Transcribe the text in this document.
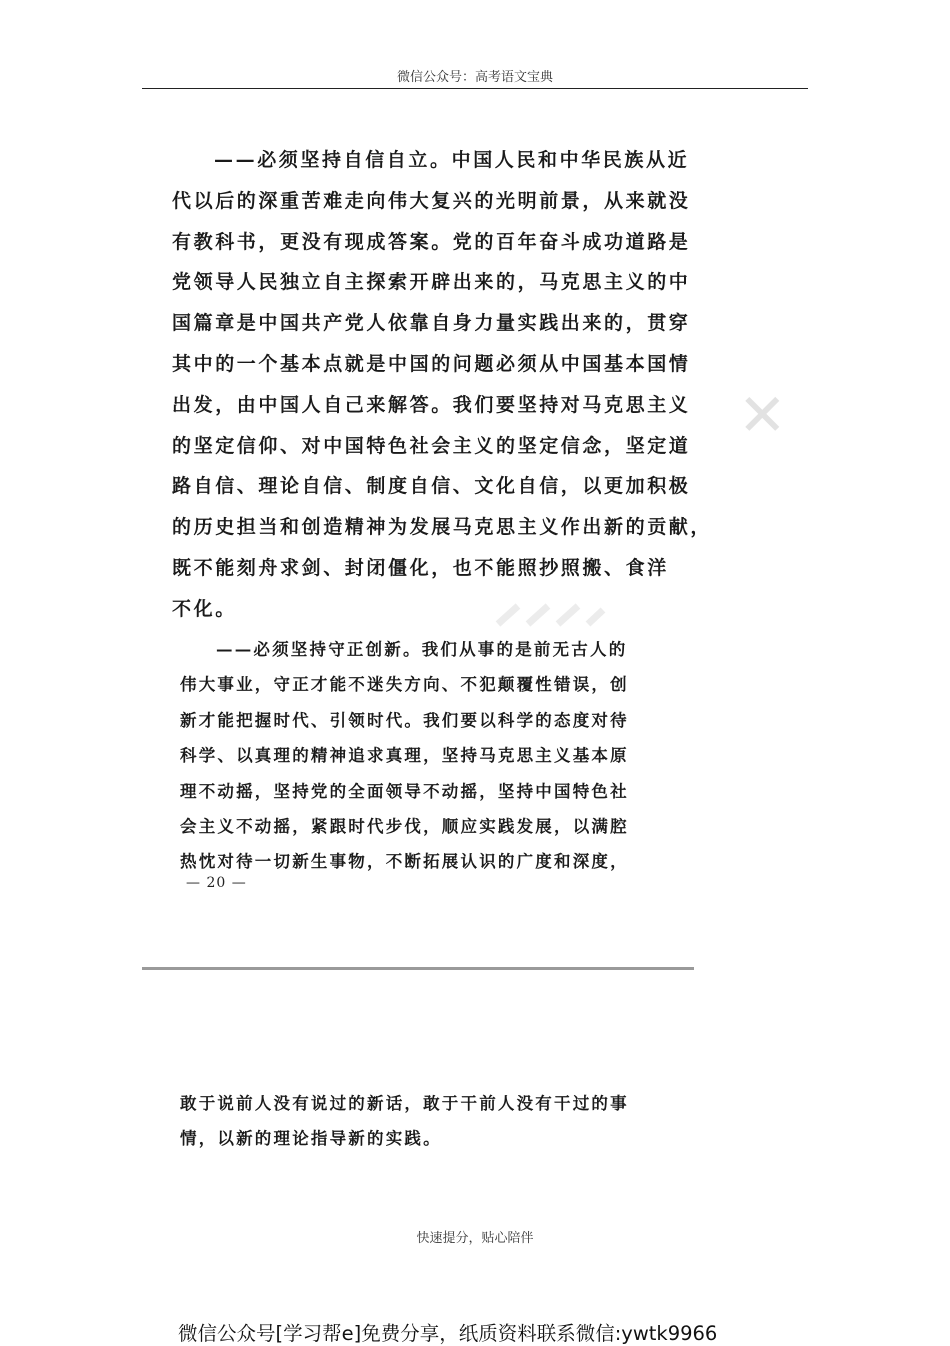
微信公众号：高考语文宝典
✕
——必须坚持自信自立。中国人民和中华民族从近
代以后的深重苦难走向伟大复兴的光明前景，从来就没
有教科书，更没有现成答案。党的百年奋斗成功道路是
党领导人民独立自主探索开辟出来的，马克思主义的中
国篇章是中国共产党人依靠自身力量实践出来的，贯穿
其中的一个基本点就是中国的问题必须从中国基本国情
出发，由中国人自己来解答。我们要坚持对马克思主义
的坚定信仰、对中国特色社会主义的坚定信念，坚定道
路自信、理论自信、制度自信、文化自信，以更加积极
的历史担当和创造精神为发展马克思主义作出新的贡献，
既不能刻舟求剑、封闭僵化，也不能照抄照搬、食洋
不化。
——必须坚持守正创新。我们从事的是前无古人的
伟大事业，守正才能不迷失方向、不犯颠覆性错误，创
新才能把握时代、引领时代。我们要以科学的态度对待
科学、以真理的精神追求真理，坚持马克思主义基本原
理不动摇，坚持党的全面领导不动摇，坚持中国特色社
会主义不动摇，紧跟时代步伐，顺应实践发展，以满腔
热忱对待一切新生事物，不断拓展认识的广度和深度，
— 20 —
敢于说前人没有说过的新话，敢于干前人没有干过的事
情，以新的理论指导新的实践。
快速提分，贴心陪伴
微信公众号[学习帮e]免费分享，纸质资料联系微信:ywtk9966
